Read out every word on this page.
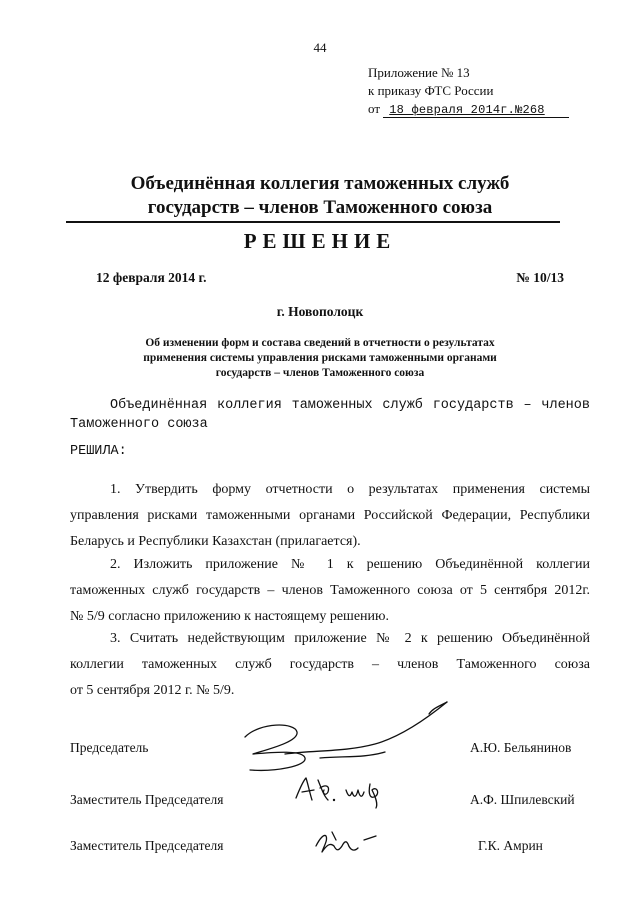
44
Приложение № 13
к приказу ФТС России
от 18 февраля 2014г.№268
Объединённая коллегия таможенных служб
государств – членов Таможенного союза
РЕШЕНИЕ
12 февраля 2014 г.	№ 10/13
г. Новополоцк
Об изменении форм и состава сведений в отчетности о результатах
применения системы управления рисками таможенными органами
государств – членов Таможенного союза
Объединённая коллегия таможенных служб государств – членов
Таможенного союза
РЕШИЛА:
1. Утвердить форму отчетности о результатах применения системы
управления рисками таможенными органами Российской Федерации, Республики
Беларусь и Республики Казахстан (прилагается).
2. Изложить приложение № 1 к решению Объединённой коллегии
таможенных служб государств – членов Таможенного союза от 5 сентября 2012г.
№ 5/9 согласно приложению к настоящему решению.
3. Считать недействующим приложение № 2 к решению Объединённой
коллегии таможенных служб государств – членов Таможенного союза
от 5 сентября 2012 г. № 5/9.
Председатель
Заместитель Председателя
Заместитель Председателя
А.Ю. Бельянинов
А.Ф. Шпилевский
Г.К. Амрин
